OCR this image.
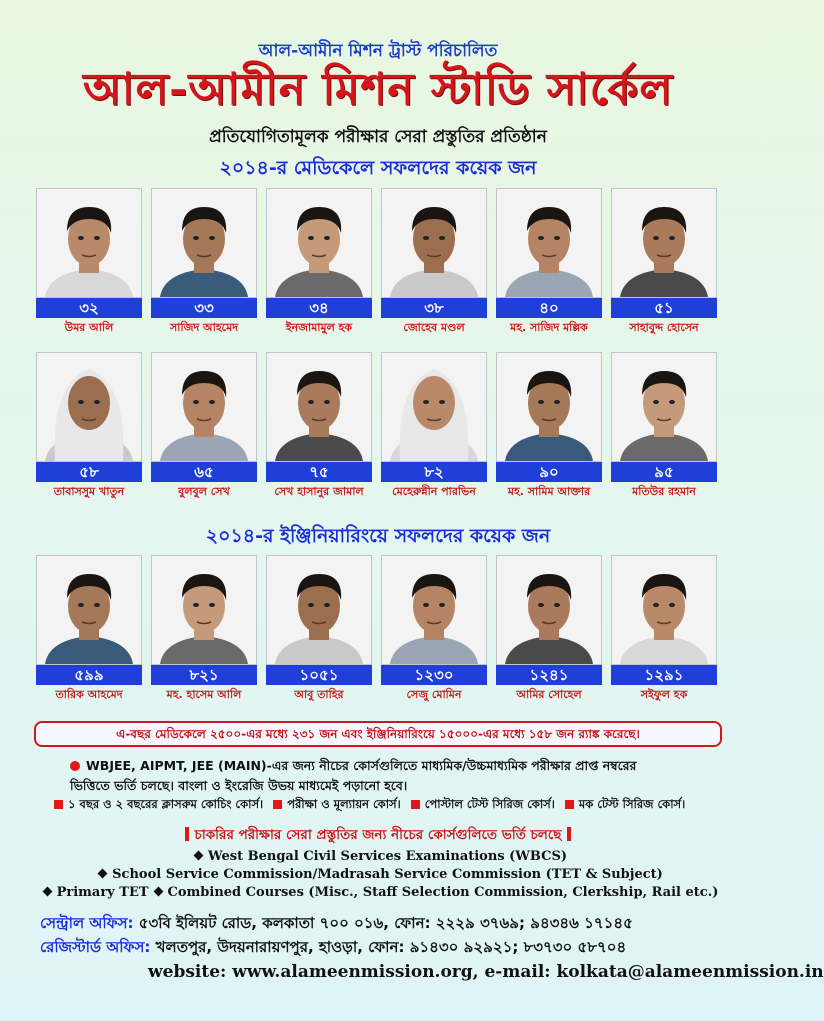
আল-আমীন মিশন ট্রাস্ট পরিচালিত
আল-আমীন মিশন স্টাডি সার্কেল
প্রতিযোগিতামূলক পরীক্ষার সেরা প্রস্তুতির প্রতিষ্ঠান
২০১৪-র মেডিকেলে সফলদের কয়েক জন
৩২
উমর আলি
৩৩
সাজিদ আহমেদ
৩৪
ইনজামামুল হক
৩৮
জোহেব মণ্ডল
৪০
মহ. সাজিদ মল্লিক
৫১
সাহাবুদ্দ হোসেন
৫৮
তাবাসসুম খাতুন
৬৫
বুলবুল সেখ
৭৫
সেখ হাসানুর জামাল
৮২
মেহেরুন্নীন পারভিন
৯০
মহ. সামিম আক্তার
৯৫
মতিউর রহমান
২০১৪-র ইঞ্জিনিয়ারিংয়ে সফলদের কয়েক জন
৫৯৯
তারিক আহমেদ
৮২১
মহ. হাসেম আলি
১০৫১
আবু তাহির
১২৩০
সেজু মোমিন
১২৪১
আমির সোহেল
১২৯১
সইফুল হক
এ-বছর মেডিকেলে ২৫০০-এর মধ্যে ২৩১ জন এবং ইঞ্জিনিয়ারিংয়ে ১৫০০০-এর মধ্যে ১৫৮ জন র‍্যাঙ্ক করেছে।
WBJEE, AIPMT, JEE (MAIN)-এর জন্য নীচের কোর্সগুলিতে মাধ্যমিক/উচ্চমাধ্যমিক পরীক্ষার প্রাপ্ত নম্বরের
ভিত্তিতে ভর্তি চলছে। বাংলা ও ইংরেজি উভয় মাধ্যমেই পড়ানো হবে।
১ বছর ও ২ বছরের ক্লাসরুম কোচিং কোর্স। পরীক্ষা ও মূল্যায়ন কোর্স। পোস্টাল টেস্ট সিরিজ কোর্স। মক টেস্ট সিরিজ কোর্স।
চাকরির পরীক্ষার সেরা প্রস্তুতির জন্য নীচের কোর্সগুলিতে ভর্তি চলছে
West Bengal Civil Services Examinations (WBCS)
School Service Commission/Madrasah Service Commission (TET & Subject)
Primary TET Combined Courses (Misc., Staff Selection Commission, Clerkship, Rail etc.)
সেন্ট্রাল অফিস: ৫৩বি ইলিয়ট রোড, কলকাতা ৭০০ ০১৬, ফোন: ২২২৯ ৩৭৬৯; ৯৪৩৪৬ ১৭১৪৫
রেজিস্টার্ড অফিস: খলতপুর, উদয়নারায়ণপুর, হাওড়া, ফোন: ৯১৪৩০ ৯২৯২১; ৮৩৭৩০ ৫৮৭০৪
website: www.alameenmission.org, e-mail: kolkata@alameenmission.in
